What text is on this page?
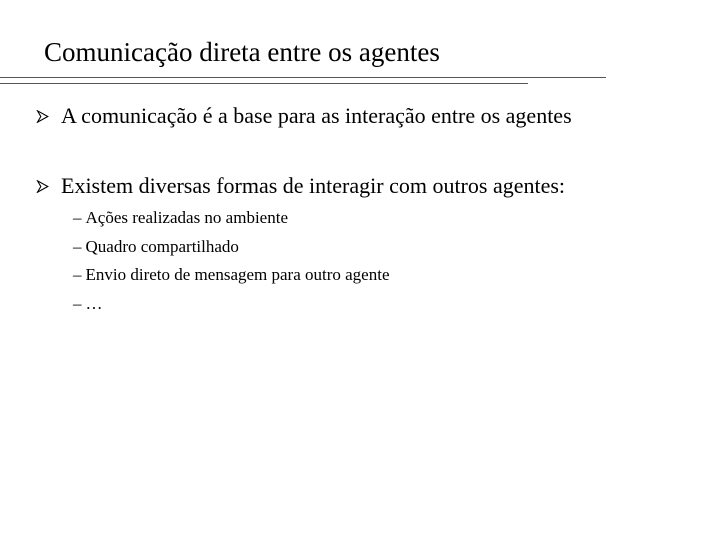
Comunicação direta entre os agentes
A comunicação é a base para as interação entre os agentes
Existem diversas formas de interagir com outros agentes:
– Ações realizadas no ambiente
– Quadro compartilhado
– Envio direto de mensagem para outro agente
– …
